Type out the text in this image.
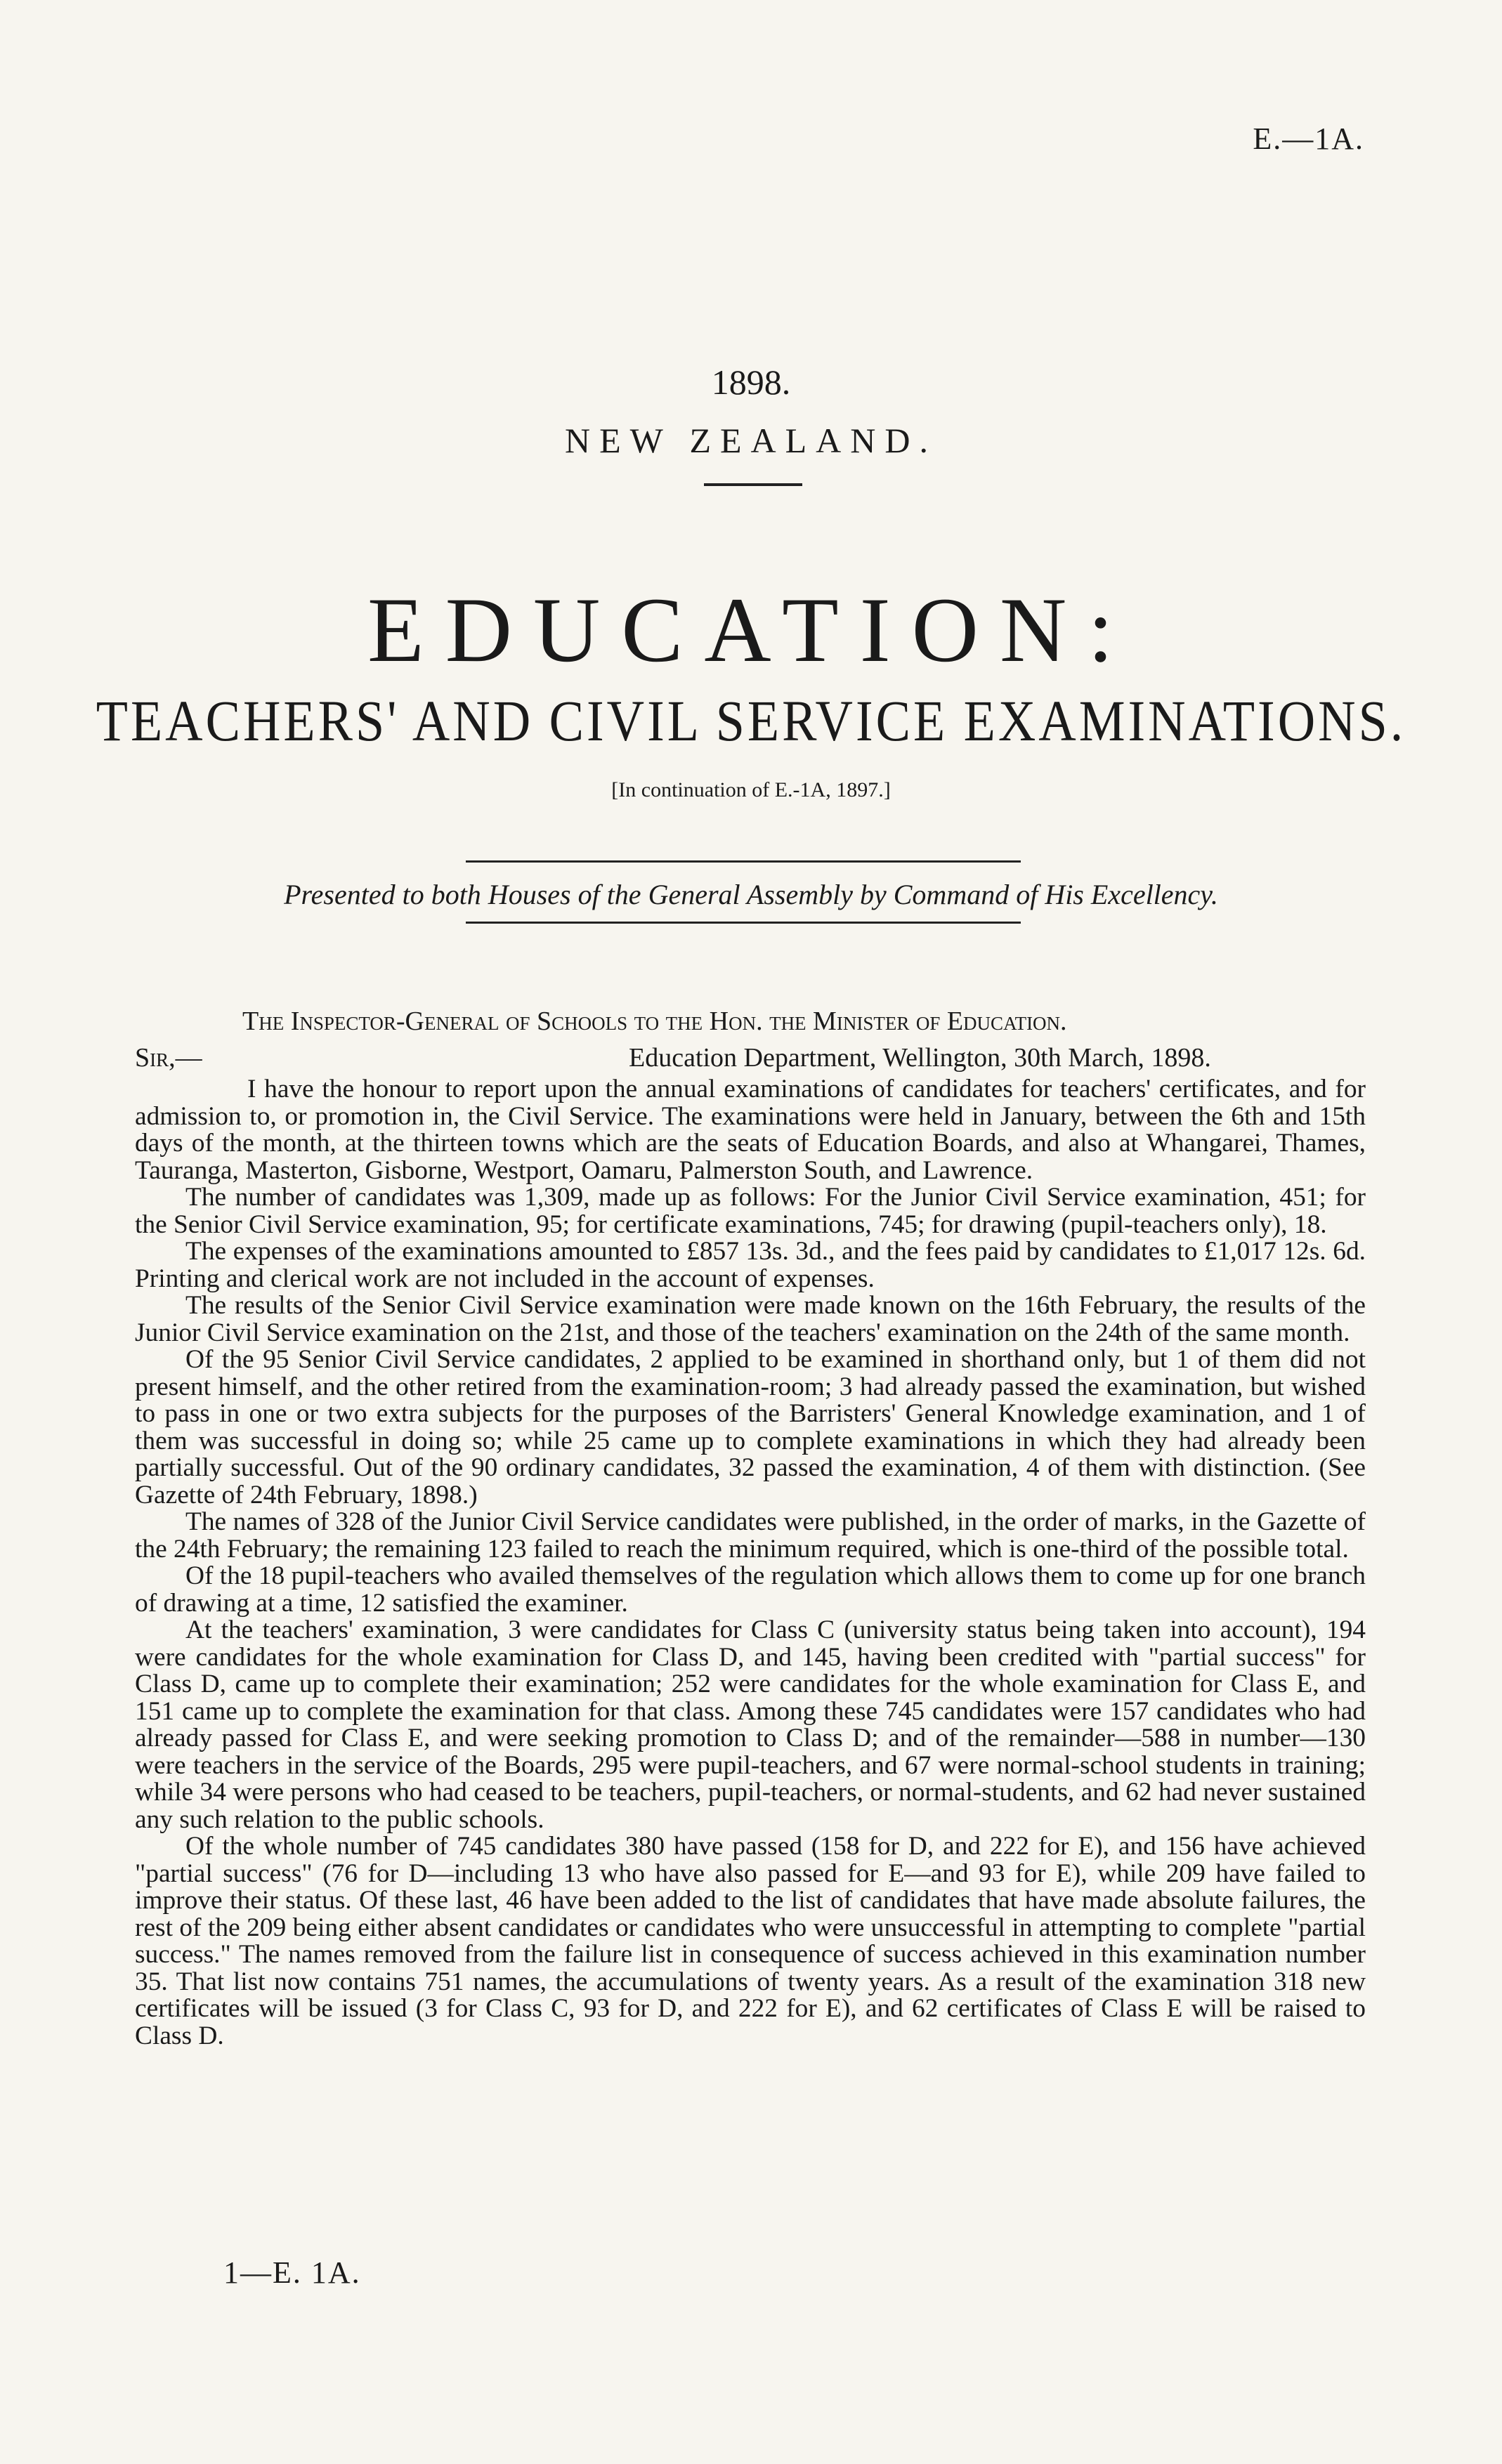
E.—1A.
1898.
NEW ZEALAND.
EDUCATION:
TEACHERS' AND CIVIL SERVICE EXAMINATIONS.
[In continuation of E.-1A, 1897.]
Presented to both Houses of the General Assembly by Command of His Excellency.
The Inspector-General of Schools to the Hon. the Minister of Education.
Sir,—	Education Department, Wellington, 30th March, 1898.

I have the honour to report upon the annual examinations of candidates for teachers' certificates, and for admission to, or promotion in, the Civil Service. The examinations were held in January, between the 6th and 15th days of the month, at the thirteen towns which are the seats of Education Boards, and also at Whangarei, Thames, Tauranga, Masterton, Gisborne, Westport, Oamaru, Palmerston South, and Lawrence.

The number of candidates was 1,309, made up as follows: For the Junior Civil Service examination, 451; for the Senior Civil Service examination, 95; for certificate examinations, 745; for drawing (pupil-teachers only), 18.

The expenses of the examinations amounted to £857 13s. 3d., and the fees paid by candidates to £1,017 12s. 6d. Printing and clerical work are not included in the account of expenses.

The results of the Senior Civil Service examination were made known on the 16th February, the results of the Junior Civil Service examination on the 21st, and those of the teachers' examination on the 24th of the same month.

Of the 95 Senior Civil Service candidates, 2 applied to be examined in shorthand only, but 1 of them did not present himself, and the other retired from the examination-room; 3 had already passed the examination, but wished to pass in one or two extra subjects for the purposes of the Barristers' General Knowledge examination, and 1 of them was successful in doing so; while 25 came up to complete examinations in which they had already been partially successful. Out of the 90 ordinary candidates, 32 passed the examination, 4 of them with distinction. (See Gazette of 24th February, 1898.)

The names of 328 of the Junior Civil Service candidates were published, in the order of marks, in the Gazette of the 24th February; the remaining 123 failed to reach the minimum required, which is one-third of the possible total.

Of the 18 pupil-teachers who availed themselves of the regulation which allows them to come up for one branch of drawing at a time, 12 satisfied the examiner.

At the teachers' examination, 3 were candidates for Class C (university status being taken into account), 194 were candidates for the whole examination for Class D, and 145, having been credited with "partial success" for Class D, came up to complete their examination; 252 were candidates for the whole examination for Class E, and 151 came up to complete the examination for that class. Among these 745 candidates were 157 candidates who had already passed for Class E, and were seeking promotion to Class D; and of the remainder—588 in number—130 were teachers in the service of the Boards, 295 were pupil-teachers, and 67 were normal-school students in training; while 34 were persons who had ceased to be teachers, pupil-teachers, or normal-students, and 62 had never sustained any such relation to the public schools.

Of the whole number of 745 candidates 380 have passed (158 for D, and 222 for E), and 156 have achieved "partial success" (76 for D—including 13 who have also passed for E—and 93 for E), while 209 have failed to improve their status. Of these last, 46 have been added to the list of candidates that have made absolute failures, the rest of the 209 being either absent candidates or candidates who were unsuccessful in attempting to complete "partial success." The names removed from the failure list in consequence of success achieved in this examination number 35. That list now contains 751 names, the accumulations of twenty years. As a result of the examination 318 new certificates will be issued (3 for Class C, 93 for D, and 222 for E), and 62 certificates of Class E will be raised to Class D.

1—E. 1A.
